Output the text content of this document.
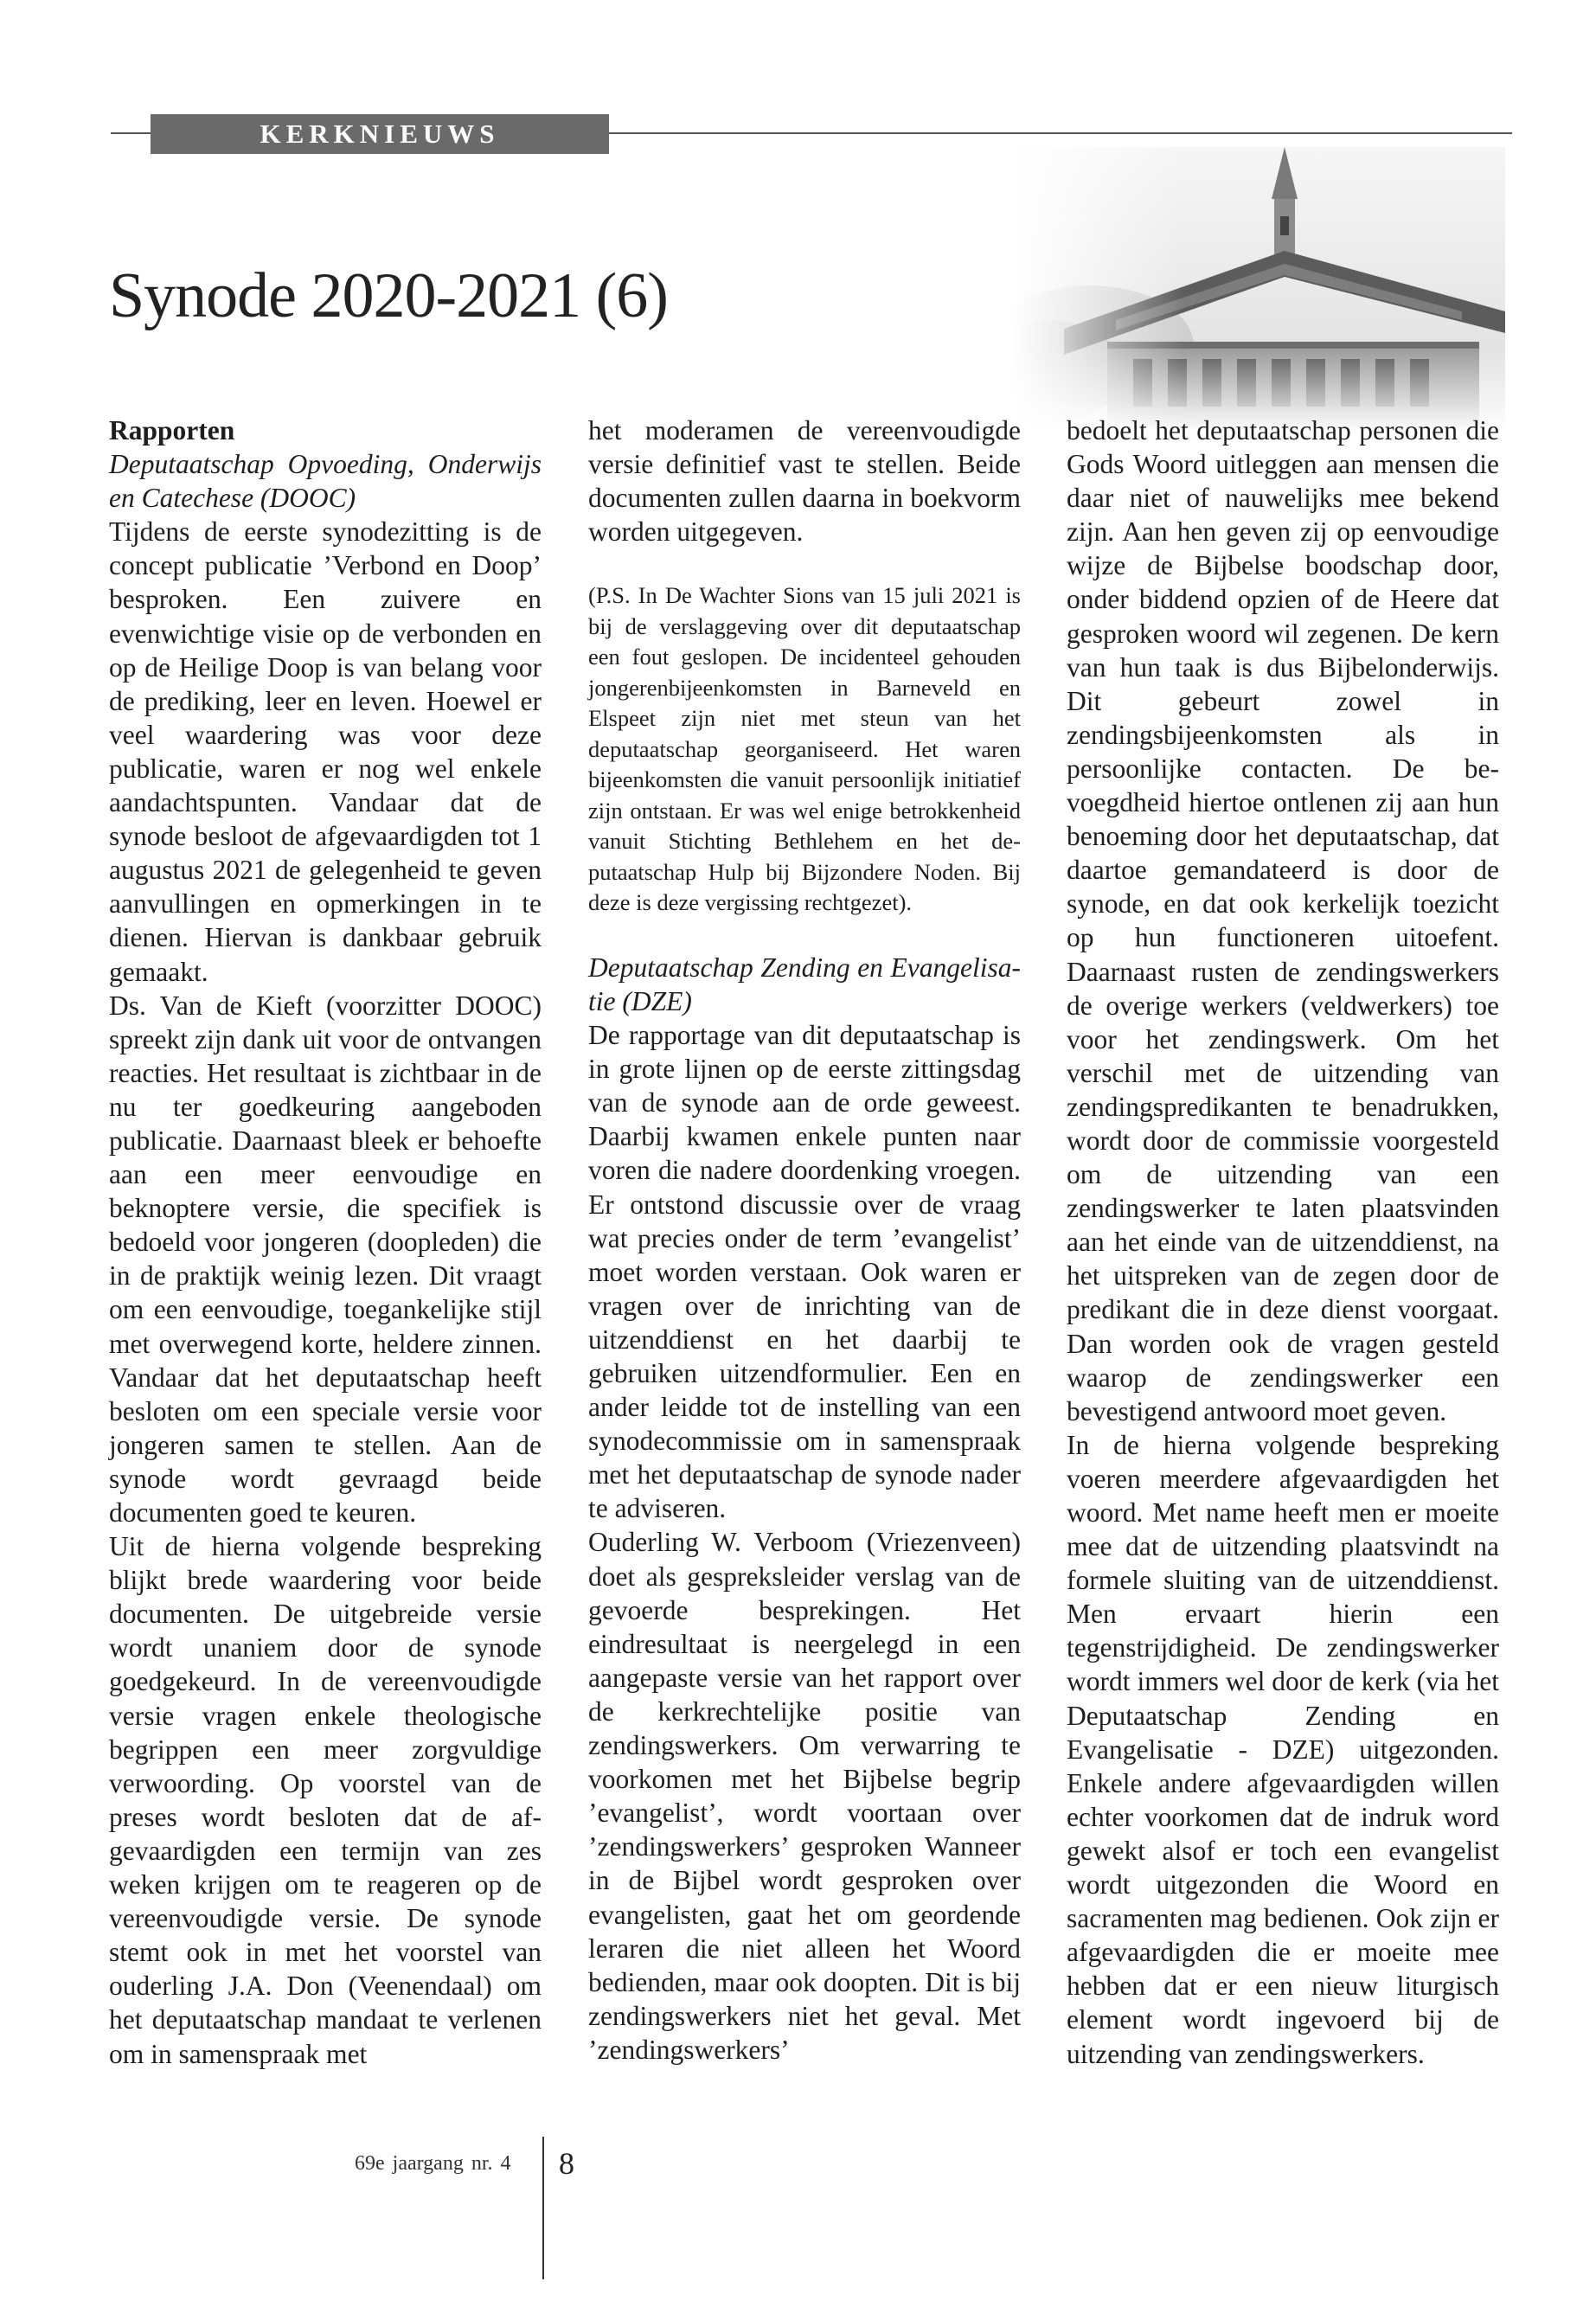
KERKNIEUWS
Synode 2020-2021 (6)

Rapporten

Deputaatschap Opvoeding, Onderwijs en Catechese (DOOC)

Tijdens de eerste synodezitting is de concept publicatie ’Verbond en Doop’ besproken. Een zuivere en evenwichtige visie op de verbonden en op de Heilige Doop is van belang voor de prediking, leer en leven. Hoewel er veel waardering was voor deze publicatie, waren er nog wel enkele aandachtspunten. Vandaar dat de synode besloot de afgevaardigden tot 1 augustus 2021 de gelegenheid te geven aanvullingen en opmerkingen in te dienen. Hiervan is dankbaar gebruik gemaakt.

Ds. Van de Kieft (voorzitter DOOC) spreekt zijn dank uit voor de ontvangen reacties. Het resultaat is zichtbaar in de nu ter goedkeuring aangeboden publicatie. Daarnaast bleek er behoefte aan een meer eenvoudige en beknoptere versie, die specifiek is bedoeld voor jongeren (doopleden) die in de praktijk weinig lezen. Dit vraagt om een eenvoudige, toegankelijke stijl met overwegend korte, heldere zinnen. Vandaar dat het deputaatschap heeft besloten om een speciale versie voor jongeren samen te stellen. Aan de synode wordt gevraagd beide documenten goed te keuren.

Uit de hierna volgende bespreking blijkt brede waardering voor beide documenten. De uitgebreide versie wordt unaniem door de synode goedgekeurd. In de vereenvoudigde versie vragen enkele theologische begrippen een meer zorgvuldige verwoording. Op voorstel van de preses wordt besloten dat de afgevaardigden een termijn van zes weken krijgen om te reageren op de vereenvoudigde versie. De synode stemt ook in met het voorstel van ouderling J.A. Don (Veenendaal) om het deputaatschap mandaat te verlenen om in samenspraak met

het moderamen de vereenvoudigde versie definitief vast te stellen. Beide documenten zullen daarna in boekvorm worden uitgegeven.

(P.S. In De Wachter Sions van 15 juli 2021 is bij de verslaggeving over dit deputaatschap een fout geslopen. De incidenteel gehouden jongerenbijeenkomsten in Barneveld en Elspeet zijn niet met steun van het deputaatschap georganiseerd. Het waren bijeenkomsten die vanuit persoonlijk initiatief zijn ontstaan. Er was wel enige betrokkenheid vanuit Stichting Bethlehem en het deputaatschap Hulp bij Bijzondere Noden. Bij deze is deze vergissing rechtgezet).

Deputaatschap Zending en Evangelisatie (DZE)

De rapportage van dit deputaatschap is in grote lijnen op de eerste zittingsdag van de synode aan de orde geweest. Daarbij kwamen enkele punten naar voren die nadere doordenking vroegen. Er ontstond discussie over de vraag wat precies onder de term ’evangelist’ moet worden verstaan. Ook waren er vragen over de inrichting van de uitzenddienst en het daarbij te gebruiken uitzendformulier. Een en ander leidde tot de instelling van een synodecommissie om in samenspraak met het deputaatschap de synode nader te adviseren.

Ouderling W. Verboom (Vriezenveen) doet als gespreksleider verslag van de gevoerde besprekingen. Het eindresultaat is neergelegd in een aangepaste versie van het rapport over de kerkrechtelijke positie van zendingswerkers. Om verwarring te voorkomen met het Bijbelse begrip ’evangelist’, wordt voortaan over ’zendingswerkers’ gesproken Wanneer in de Bijbel wordt gesproken over evangelisten, gaat het om geordende leraren die niet alleen het Woord bedienden, maar ook doopten. Dit is bij zendingswerkers niet het geval. Met ’zendingswerkers’

bedoelt het deputaatschap personen die Gods Woord uitleggen aan mensen die daar niet of nauwelijks mee bekend zijn. Aan hen geven zij op eenvoudige wijze de Bijbelse boodschap door, onder biddend opzien of de Heere dat gesproken woord wil zegenen. De kern van hun taak is dus Bijbelonderwijs. Dit gebeurt zowel in zendingsbijeenkomsten als in persoonlijke contacten. De bevoegdheid hiertoe ontlenen zij aan hun benoeming door het deputaatschap, dat daartoe gemandateerd is door de synode, en dat ook kerkelijk toezicht op hun functioneren uitoefent. Daarnaast rusten de zendingswerkers de overige werkers (veldwerkers) toe voor het zendingswerk. Om het verschil met de uitzending van zendingspredikanten te benadrukken, wordt door de commissie voorgesteld om de uitzending van een zendingswerker te laten plaatsvinden aan het einde van de uitzenddienst, na het uitspreken van de zegen door de predikant die in deze dienst voorgaat. Dan worden ook de vragen gesteld waarop de zendingswerker een bevestigend antwoord moet geven.

In de hierna volgende bespreking voeren meerdere afgevaardigden het woord. Met name heeft men er moeite mee dat de uitzending plaatsvindt na formele sluiting van de uitzenddienst. Men ervaart hierin een tegenstrijdigheid. De zendingswerker wordt immers wel door de kerk (via het Deputaatschap Zending en Evangelisatie - DZE) uitgezonden. Enkele andere afgevaardigden willen echter voorkomen dat de indruk word gewekt alsof er toch een evangelist wordt uitgezonden die Woord en sacramenten mag bedienen. Ook zijn er afgevaardigden die er moeite mee hebben dat er een nieuw liturgisch element wordt ingevoerd bij de uitzending van zendingswerkers.

69e jaargang nr. 4 8
